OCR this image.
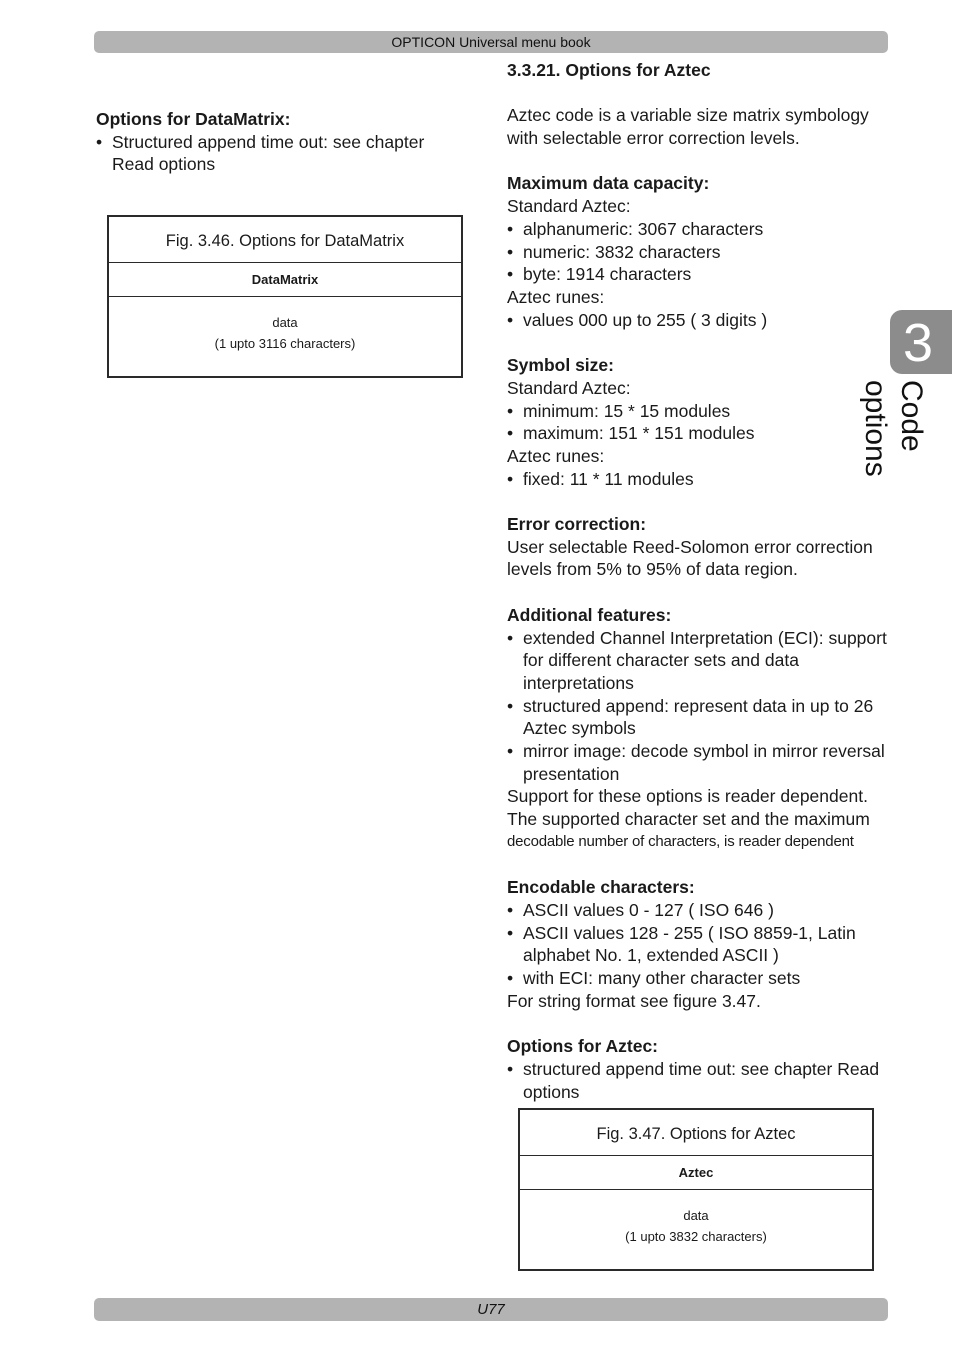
OPTICON Universal menu book
Options for DataMatrix:
• Structured append time out: see chapter Read options
Fig. 3.46. Options for DataMatrix
DataMatrix
data
(1 upto 3116 characters)
3.3.21. Options for Aztec
Aztec code is a variable size matrix symbology with selectable error correction levels.
Maximum data capacity:
Standard Aztec:
• alphanumeric: 3067 characters
• numeric: 3832 characters
• byte: 1914 characters
Aztec runes:
• values 000 up to 255 ( 3 digits )
Symbol size:
Standard Aztec:
• minimum: 15 * 15 modules
• maximum: 151 * 151 modules
Aztec runes:
• fixed: 11 * 11 modules
Error correction:
User selectable Reed-Solomon error correction levels from 5% to 95% of data region.
Additional features:
• extended Channel Interpretation (ECI): support for different character sets and data interpretations
• structured append: represent data in up to 26 Aztec symbols
• mirror image: decode symbol in mirror reversal presentation
Support for these options is reader dependent. The supported character set and the maximum
decodable number of characters, is reader dependent
Encodable characters:
• ASCII values 0 - 127 ( ISO 646 )
• ASCII values 128 - 255 ( ISO 8859-1, Latin alphabet No. 1, extended ASCII )
• with ECI: many other character sets
For string format see figure 3.47.
Options for Aztec:
• structured append time out: see chapter Read options
Fig. 3.47. Options for Aztec
Aztec
data
(1 upto 3832 characters)
3
Code options
U77
